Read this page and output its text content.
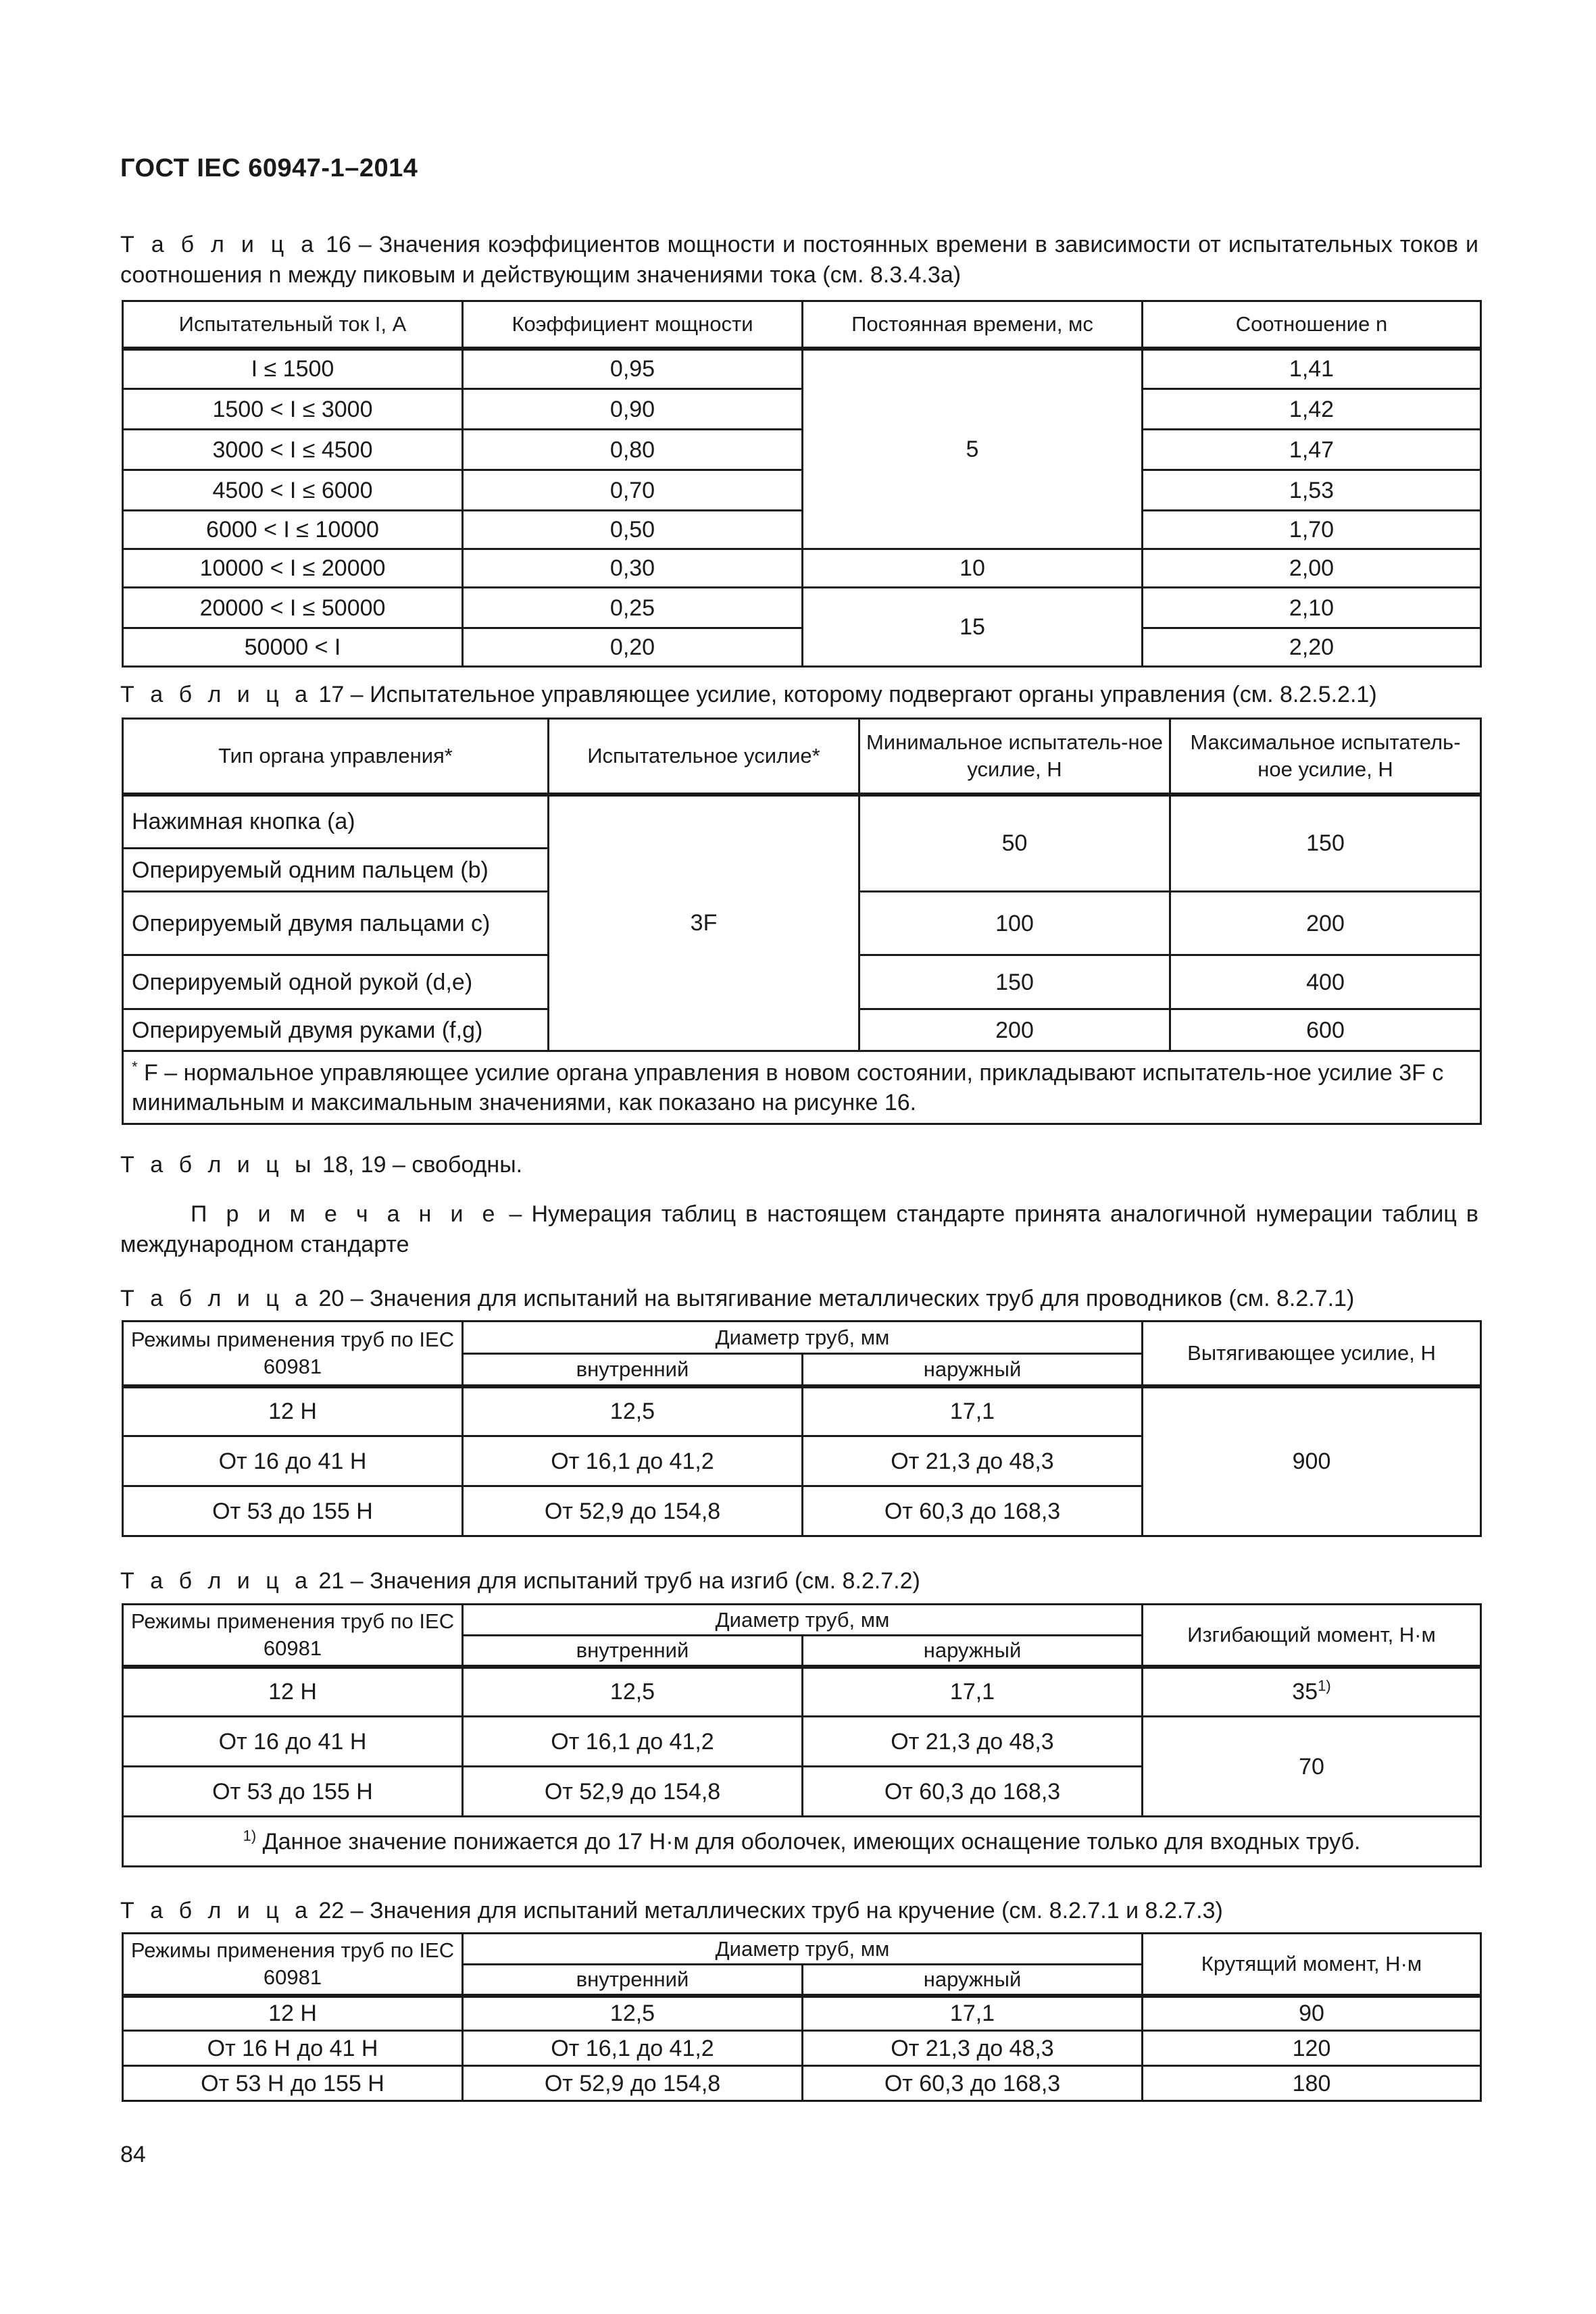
ГОСТ IEC 60947-1–2014
Т а б л и ц а 16 – Значения коэффициентов мощности и постоянных времени в зависимости от испытательных токов и соотношения n между пиковым и действующим значениями тока (см. 8.3.4.3а)
Испытательный ток I, А	Коэффициент мощности	Постоянная времени, мс	Соотношение n
I ≤ 1500	0,95	5	1,41
1500 < I ≤ 3000	0,90		1,42
3000 < I ≤ 4500	0,80		1,47
4500 < I ≤ 6000	0,70		1,53
6000 < I ≤ 10000	0,50		1,70
10000 < I ≤ 20000	0,30	10	2,00
20000 < I ≤ 50000	0,25	15	2,10
50000 < I	0,20		2,20
Т а б л и ц а 17 – Испытательное управляющее усилие, которому подвергают органы управления (см. 8.2.5.2.1)
Тип органа управления*	Испытательное усилие*	Минимальное испытатель-ное усилие, Н	Максимальное испытатель-ное усилие, Н
Нажимная кнопка (a)	3F	50	150
Оперируемый одним пальцем (b)			
Оперируемый двумя пальцами c)		100	200
Оперируемый одной рукой (d,e)		150	400
Оперируемый двумя руками (f,g)		200	600
* F – нормальное управляющее усилие органа управления в новом состоянии, прикладывают испытатель-ное усилие 3F с минимальным и максимальным значениями, как показано на рисунке 16.			
Т а б л и ц ы 18, 19 – свободны.
П р и м е ч а н и е – Нумерация таблиц в настоящем стандарте принята аналогичной нумерации таблиц в международном стандарте
Т а б л и ц а 20 – Значения для испытаний на вытягивание металлических труб для проводников (см. 8.2.7.1)
Режимы применения труб по IEC 60981	Диаметр труб, мм		Вытягивающее усилие, Н
	внутренний	наружный	
12 H	12,5	17,1	900
От 16 до 41 H	От 16,1 до 41,2	От 21,3 до 48,3	
От 53 до 155 H	От 52,9 до 154,8	От 60,3 до 168,3	
Т а б л и ц а 21 – Значения для испытаний труб на изгиб (см. 8.2.7.2)
Режимы применения труб по IEC 60981	Диаметр труб, мм		Изгибающий момент, Н·м
	внутренний	наружный	
12 H	12,5	17,1	35$^{1)}$
От 16 до 41 H	От 16,1 до 41,2	От 21,3 до 48,3	70
От 53 до 155 H	От 52,9 до 154,8	От 60,3 до 168,3	
$^{1)}$ Данное значение понижается до 17 Н·м для оболочек, имеющих оснащение только для входных труб.			
Т а б л и ц а 22 – Значения для испытаний металлических труб на кручение (см. 8.2.7.1 и 8.2.7.3)
Режимы применения труб по IEC 60981	Диаметр труб, мм		Крутящий момент, Н·м
	внутренний	наружный	
12 H	12,5	17,1	90
От 16 H до 41 H	От 16,1 до 41,2	От 21,3 до 48,3	120
От 53 H до 155 H	От 52,9 до 154,8	От 60,3 до 168,3	180
84
